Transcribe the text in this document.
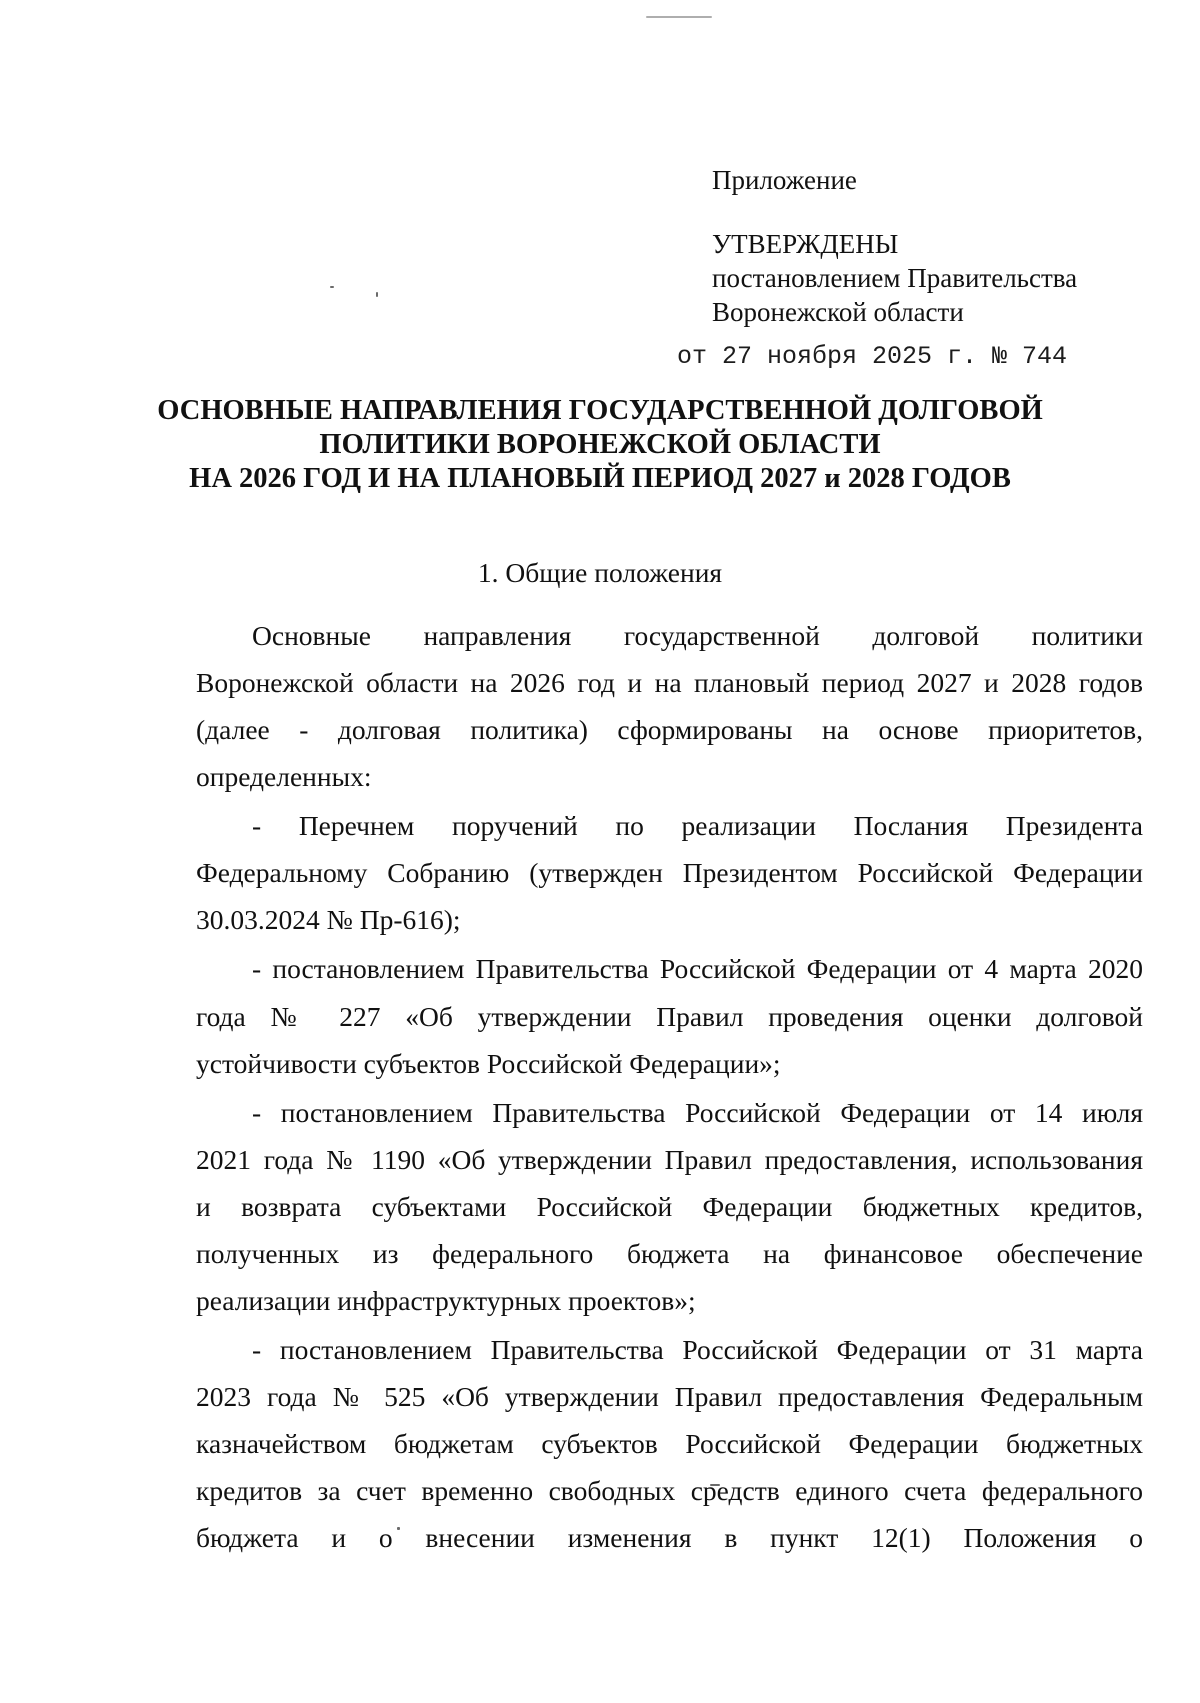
Приложение

УТВЕРЖДЕНЫ

постановлением Правительства

Воронежской области

от 27 ноября 2025 г. № 744

ОСНОВНЫЕ НАПРАВЛЕНИЯ ГОСУДАРСТВЕННОЙ ДОЛГОВОЙ

ПОЛИТИКИ ВОРОНЕЖСКОЙ ОБЛАСТИ

НА 2026 ГОД И НА ПЛАНОВЫЙ ПЕРИОД 2027 и 2028 ГОДОВ

1. Общие положения

Основные направления государственной долговой политики

Воронежской области на 2026 год и на плановый период 2027 и 2028 годов

(далее - долговая политика) сформированы на основе приоритетов,

определенных:

- Перечнем поручений по реализации Послания Президента

Федеральному Собранию (утвержден Президентом Российской Федерации

30.03.2024 № Пр-616);

- постановлением Правительства Российской Федерации от 4 марта 2020

года № 227 «Об утверждении Правил проведения оценки долговой

устойчивости субъектов Российской Федерации»;

- постановлением Правительства Российской Федерации от 14 июля

2021 года № 1190 «Об утверждении Правил предоставления, использования

и возврата субъектами Российской Федерации бюджетных кредитов,

полученных из федерального бюджета на финансовое обеспечение

реализации инфраструктурных проектов»;

- постановлением Правительства Российской Федерации от 31 марта

2023 года № 525 «Об утверждении Правил предоставления Федеральным

казначейством бюджетам субъектов Российской Федерации бюджетных

кредитов за счет временно свободных средств единого счета федерального

бюджета и о внесении изменения в пункт 12(1) Положения о
